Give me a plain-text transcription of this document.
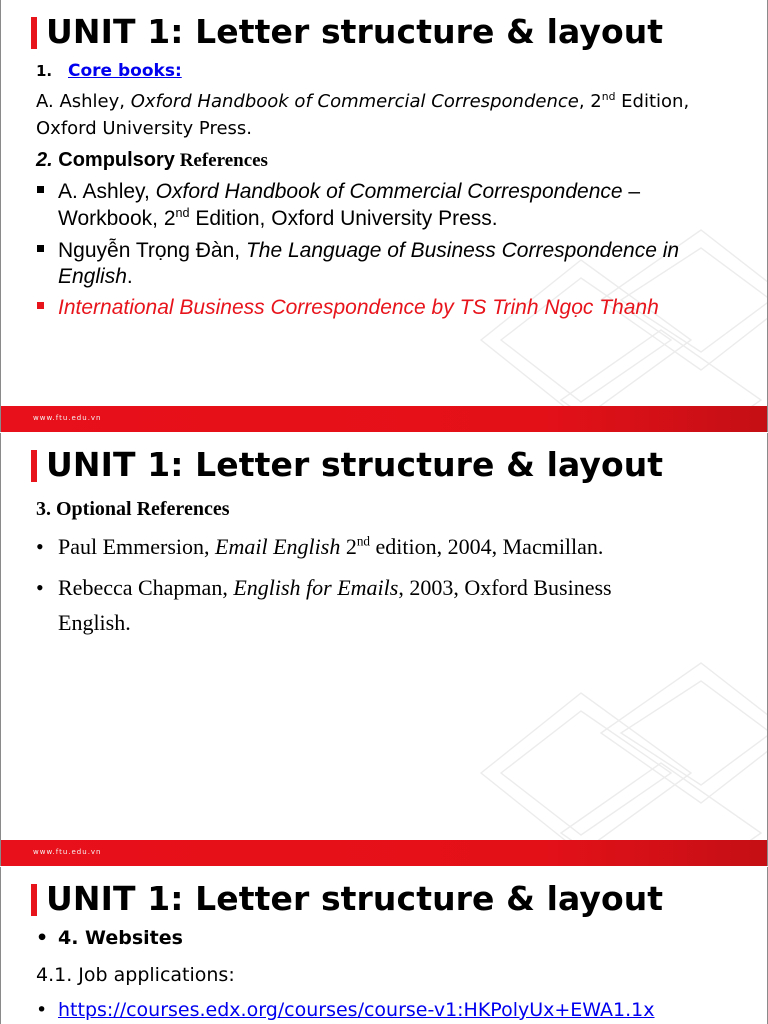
UNIT 1: Letter structure & layout
1. Core books:
A. Ashley, Oxford Handbook of Commercial Correspondence, 2nd Edition,
Oxford University Press.
2. Compulsory References
A. Ashley, Oxford Handbook of Commercial Correspondence –
Workbook, 2nd Edition, Oxford University Press.
Nguyễn Trọng Đàn, The Language of Business Correspondence in
English.
International Business Correspondence by TS Trinh Ngọc Thanh
www.ftu.edu.vn
UNIT 1: Letter structure & layout
3. Optional References
• Paul Emmersion, Email English 2nd edition, 2004, Macmillan.
• Rebecca Chapman, English for Emails, 2003, Oxford Business
English.
www.ftu.edu.vn
UNIT 1: Letter structure & layout
• 4. Websites
4.1. Job applications:
• https://courses.edx.org/courses/course-v1:HKPolyUx+EWA1.1x
